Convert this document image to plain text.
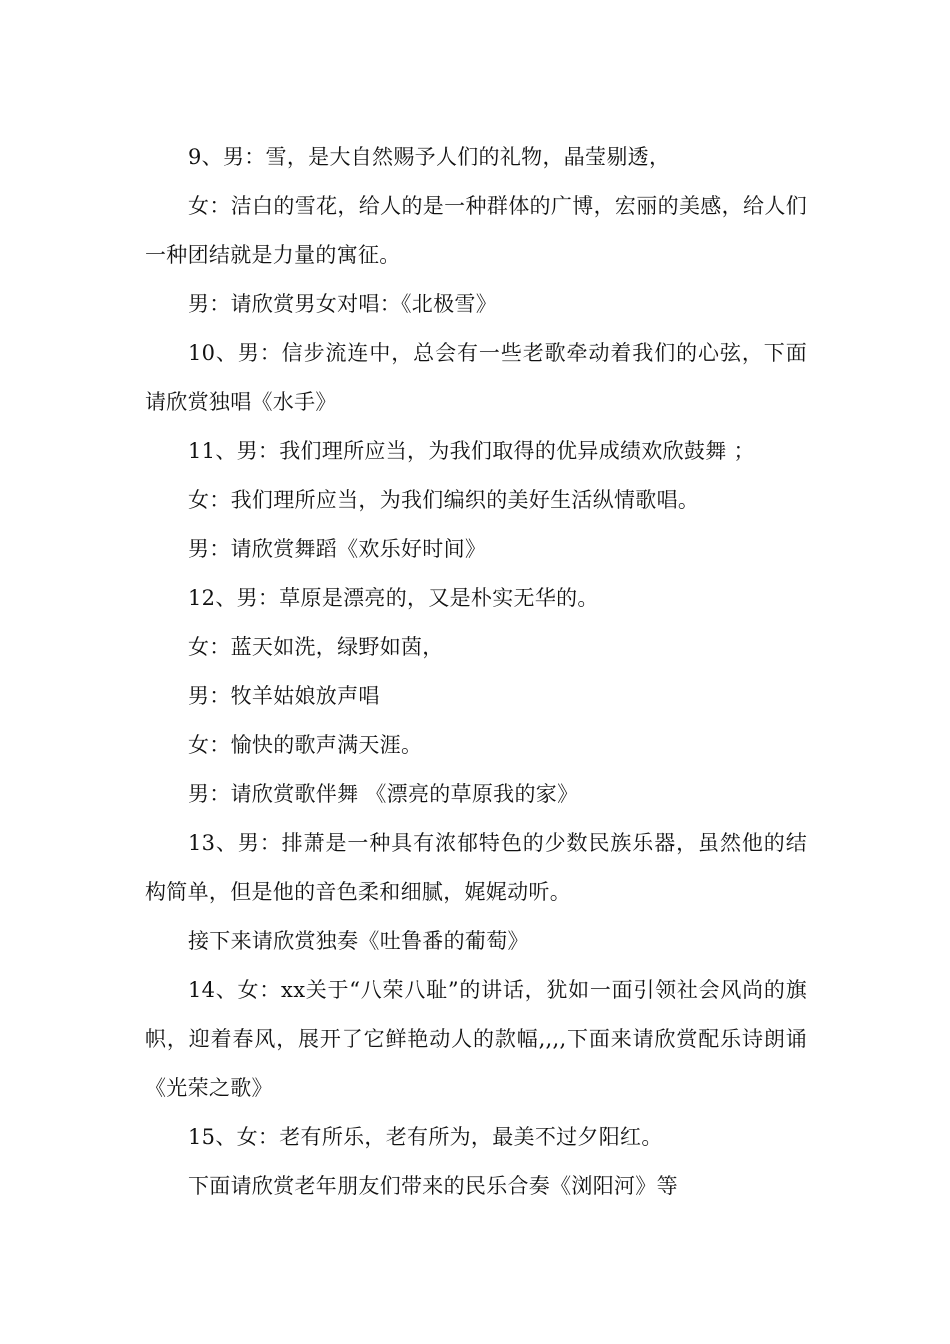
9、男：雪，是大自然赐予人们的礼物，晶莹剔透，

女：洁白的雪花，给人的是一种群体的广博，宏丽的美感，给人们一种团结就是力量的寓征。

男：请欣赏男女对唱：《北极雪》

10、男：信步流连中，总会有一些老歌牵动着我们的心弦，下面请欣赏独唱《水手》

11、男：我们理所应当，为我们取得的优异成绩欢欣鼓舞 ；

女：我们理所应当，为我们编织的美好生活纵情歌唱。

男：请欣赏舞蹈《欢乐好时间》

12、男：草原是漂亮的，又是朴实无华的。

女：蓝天如洗，绿野如茵，

男：牧羊姑娘放声唱

女：愉快的歌声满天涯。

男：请欣赏歌伴舞 《漂亮的草原我的家》

13、男：排萧是一种具有浓郁特色的少数民族乐器，虽然他的结构简单，但是他的音色柔和细腻，娓娓动听。

接下来请欣赏独奏《吐鲁番的葡萄》

14、女：xx关于“八荣八耻”的讲话，犹如一面引领社会风尚的旗帜，迎着春风，展开了它鲜艳动人的款幅,,,,下面来请欣赏配乐诗朗诵《光荣之歌》

15、女：老有所乐，老有所为，最美不过夕阳红。

下面请欣赏老年朋友们带来的民乐合奏《浏阳河》等
